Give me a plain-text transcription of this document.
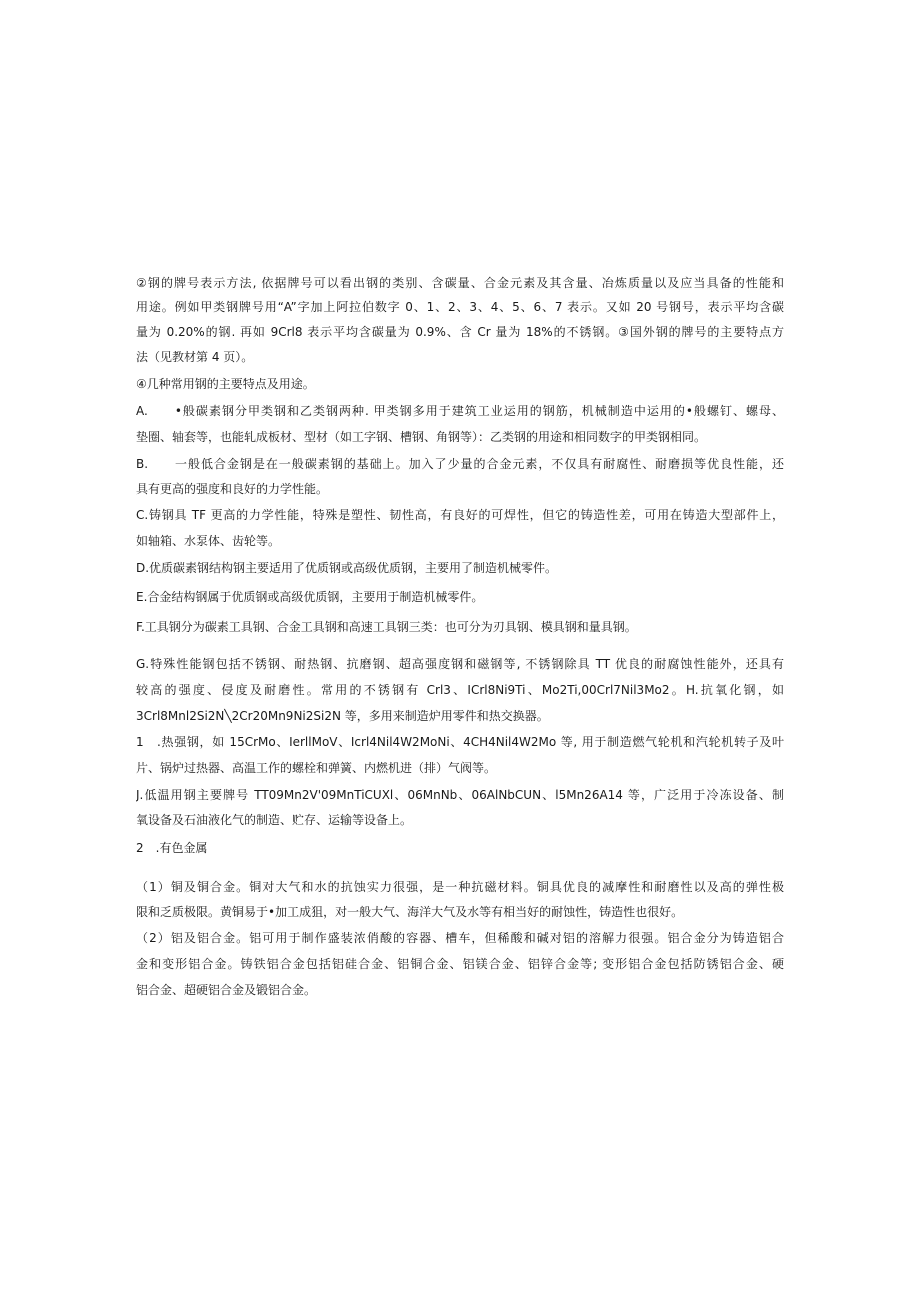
②钢的牌号表示方法, 依据牌号可以看出钢的类别、含碳量、合金元素及其含量、冶炼质量以及应当具备的性能和
用途。例如甲类钢牌号用“A”字加上阿拉伯数字 0、1、2、3、4、5、6、7 表示。又如 20 号钢号，表示平均含碳
量为 0.20%的钢. 再如 9Crl8 表示平均含碳量为 0.9%、含 Cr 量为 18%的不锈钢。③国外钢的牌号的主要特点方
法（见教材第 4 页）。
④几种常用钢的主要特点及用途。
A.　　•般碳素钢分甲类钢和乙类钢两种. 甲类钢多用于建筑工业运用的钢筋，机械制造中运用的•般螺钉、螺母、
垫圈、轴套等，也能轧成板材、型材（如工字钢、槽钢、角钢等）：乙类钢的用途和相同数字的甲类钢相同。
B.　　一般低合金钢是在一般碳素钢的基础上。加入了少量的合金元素，不仅具有耐腐性、耐磨损等优良性能，还
具有更高的强度和良好的力学性能。
C.铸钢具 TF 更高的力学性能，特殊是塑性、韧性高，有良好的可焊性，但它的铸造性差，可用在铸造大型部件上，
如轴箱、水泵体、齿轮等。
D.优质碳素钢结构钢主要适用了优质钢或高级优质钢，主要用了制造机械零件。
E.合金结构钢属于优质钢或高级优质钢，主要用于制造机械零件。
F.工具钢分为碳素工具钢、合金工具钢和高速工具钢三类：也可分为刃具钢、模具钢和量具钢。
G.特殊性能钢包括不锈钢、耐热钢、抗磨钢、超高强度钢和磁钢等, 不锈钢除具 TT 优良的耐腐蚀性能外，还具有
较高的强度、侵度及耐磨性。常用的不锈钢有 Crl3、ICrl8Ni9Ti、Mo2Ti,00Crl7Nil3Mo2。H.抗氧化钢，如
3Crl8Mnl2Si2N╲2Cr20Mn9Ni2Si2N 等，多用来制造炉用零件和热交换器。
1　.热强钢，如 15CrMo、IerllMoV、Icrl4Nil4W2MoNi、4CH4Nil4W2Mo 等, 用于制造燃气轮机和汽轮机转子及叶
片、锅炉过热器、高温工作的螺栓和弹簧、内燃机进（排）气阀等。
J.低温用钢主要牌号 TT09Mn2V'09MnTiCUXl、06MnNb、06AlNbCUN、l5Mn26A14 等，广泛用于冷冻设备、制
氧设备及石油液化气的制造、贮存、运输等设备上。
2　.有色金属
（1）铜及铜合金。铜对大气和水的抗蚀实力很强，是一种抗磁材料。铜具优良的减摩性和耐磨性以及高的弹性极
限和乏质极限。黄铜易于•加工成狙，对一般大气、海洋大气及水等有相当好的耐蚀性，铸造性也很好。
（2）铝及铝合金。铝可用于制作盛装浓俏酸的容器、槽车，但稀酸和碱对铝的溶解力很强。铝合金分为铸造铝合
金和变形铝合金。铸铁铝合金包括铝硅合金、铝铜合金、铝镁合金、铝锌合金等; 变形铝合金包括防锈铝合金、硬
铝合金、超硬铝合金及锻铝合金。
